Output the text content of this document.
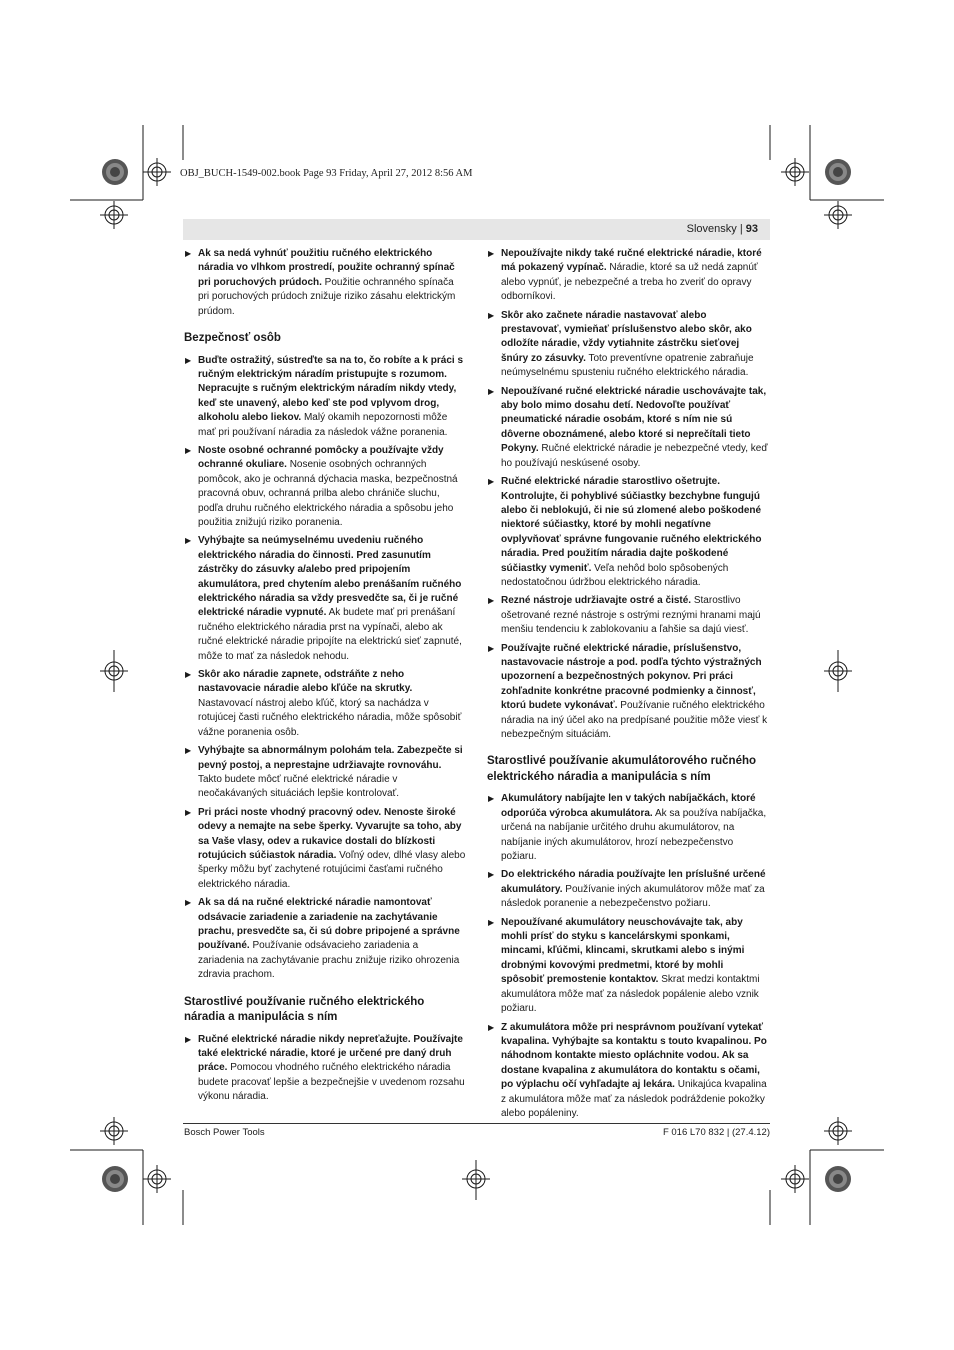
OBJ_BUCH-1549-002.book Page 93 Friday, April 27, 2012 8:56 AM
Slovensky | 93
▶ Ak sa nedá vyhnúť použitiu ručného elektrického náradia vo vlhkom prostredí, použite ochranný spínač pri poruchových prúdoch. Použitie ochranného spínača pri poruchových prúdoch znižuje riziko zásahu elektrickým prúdom.
Bezpečnosť osôb
▶ Buďte ostražitý, sústreďte sa na to, čo robíte a k práci s ručným elektrickým náradím pristupujte s rozumom. Nepracujte s ručným elektrickým náradím nikdy vtedy, keď ste unavený, alebo keď ste pod vplyvom drog, alkoholu alebo liekov. Malý okamih nepozornosti môže mať pri používaní náradia za následok vážne poranenia.
▶ Noste osobné ochranné pomôcky a používajte vždy ochranné okuliare. Nosenie osobných ochranných pomôcok, ako je ochranná dýchacia maska, bezpečnostná pracovná obuv, ochranná prilba alebo chrániče sluchu, podľa druhu ručného elektrického náradia a spôsobu jeho použitia znižujú riziko poranenia.
▶ Vyhýbajte sa neúmyselnému uvedeniu ručného elektrického náradia do činnosti. Pred zasunutím zástrčky do zásuvky a/alebo pred pripojením akumulátora, pred chytením alebo prenášaním ručného elektrického náradia sa vždy presvedčte sa, či je ručné elektrické náradie vypnuté. Ak budete mať pri prenášaní ručného elektrického náradia prst na vypínači, alebo ak ručné elektrické náradie pripojíte na elektrickú sieť zapnuté, môže to mať za následok nehodu.
▶ Skôr ako náradie zapnete, odstráňte z neho nastavovacie náradie alebo kľúče na skrutky. Nastavovací nástroj alebo kľúč, ktorý sa nachádza v rotujúcej časti ručného elektrického náradia, môže spôsobiť vážne poranenia osôb.
▶ Vyhýbajte sa abnormálnym polohám tela. Zabezpečte si pevný postoj, a neprestajne udržiavajte rovnováhu. Takto budete môcť ručné elektrické náradie v neočakávaných situáciách lepšie kontrolovať.
▶ Pri práci noste vhodný pracovný odev. Nenoste široké odevy a nemajte na sebe šperky. Vyvarujte sa toho, aby sa Vaše vlasy, odev a rukavice dostali do blízkosti rotujúcich súčiastok náradia. Voľný odev, dlhé vlasy alebo šperky môžu byť zachytené rotujúcimi časťami ručného elektrického náradia.
▶ Ak sa dá na ručné elektrické náradie namontovať odsávacie zariadenie a zariadenie na zachytávanie prachu, presvedčte sa, či sú dobre pripojené a správne používané. Používanie odsávacieho zariadenia a zariadenia na zachytávanie prachu znižuje riziko ohrozenia zdravia prachom.
Starostlivé používanie ručného elektrického náradia a manipulácia s ním
▶ Ručné elektrické náradie nikdy nepreťažujte. Používajte také elektrické náradie, ktoré je určené pre daný druh práce. Pomocou vhodného ručného elektrického náradia budete pracovať lepšie a bezpečnejšie v uvedenom rozsahu výkonu náradia.
▶ Nepoužívajte nikdy také ručné elektrické náradie, ktoré má pokazený vypínač. Náradie, ktoré sa už nedá zapnúť alebo vypnúť, je nebezpečné a treba ho zveriť do opravy odborníkovi.
▶ Skôr ako začnete náradie nastavovať alebo prestavovať, vymieňať príslušenstvo alebo skôr, ako odložíte náradie, vždy vytiahnite zástrčku sieťovej šnúry zo zásuvky. Toto preventívne opatrenie zabraňuje neúmyselnému spusteniu ručného elektrického náradia.
▶ Nepoužívané ručné elektrické náradie uschovávajte tak, aby bolo mimo dosahu detí. Nedovoľte používať pneumatické náradie osobám, ktoré s ním nie sú dôverne oboznámené, alebo ktoré si neprečítali tieto Pokyny. Ručné elektrické náradie je nebezpečné vtedy, keď ho používajú neskúsené osoby.
▶ Ručné elektrické náradie starostlivo ošetrujte. Kontrolujte, či pohyblivé súčiastky bezchybne fungujú alebo či neblokujú, či nie sú zlomené alebo poškodené niektoré súčiastky, ktoré by mohli negatívne ovplyvňovať správne fungovanie ručného elektrického náradia. Pred použitím náradia dajte poškodené súčiastky vymeniť. Veľa nehôd bolo spôsobených nedostatočnou údržbou elektrického náradia.
▶ Rezné nástroje udržiavajte ostré a čisté. Starostlivo ošetrované rezné nástroje s ostrými reznými hranami majú menšiu tendenciu k zablokovaniu a ľahšie sa dajú viesť.
▶ Používajte ručné elektrické náradie, príslušenstvo, nastavovacie nástroje a pod. podľa týchto výstražných upozornení a bezpečnostných pokynov. Pri práci zohľadnite konkrétne pracovné podmienky a činnosť, ktorú budete vykonávať. Používanie ručného elektrického náradia na iný účel ako na predpísané použitie môže viesť k nebezpečným situáciám.
Starostlivé používanie akumulátorového ručného elektrického náradia a manipulácia s ním
▶ Akumulátory nabíjajte len v takých nabíjačkách, ktoré odporúča výrobca akumulátora. Ak sa používa nabíjačka, určená na nabíjanie určitého druhu akumulátorov, na nabíjanie iných akumulátorov, hrozí nebezpečenstvo požiaru.
▶ Do elektrického náradia používajte len príslušné určené akumulátory. Používanie iných akumulátorov môže mať za následok poranenie a nebezpečenstvo požiaru.
▶ Nepoužívané akumulátory neuschovávajte tak, aby mohli prísť do styku s kancelárskymi sponkami, mincami, kľúčmi, klincami, skrutkami alebo s inými drobnými kovovými predmetmi, ktoré by mohli spôsobiť premostenie kontaktov. Skrat medzi kontaktmi akumulátora môže mať za následok popálenie alebo vznik požiaru.
▶ Z akumulátora môže pri nesprávnom používaní vytekať kvapalina. Vyhýbajte sa kontaktu s touto kvapalinou. Po náhodnom kontakte miesto opláchnite vodou. Ak sa dostane kvapalina z akumulátora do kontaktu s očami, po výplachu očí vyhľadajte aj lekára. Unikajúca kvapalina z akumulátora môže mať za následok podráždenie pokožky alebo popáleniny.
Bosch Power Tools	F 016 L70 832 | (27.4.12)
